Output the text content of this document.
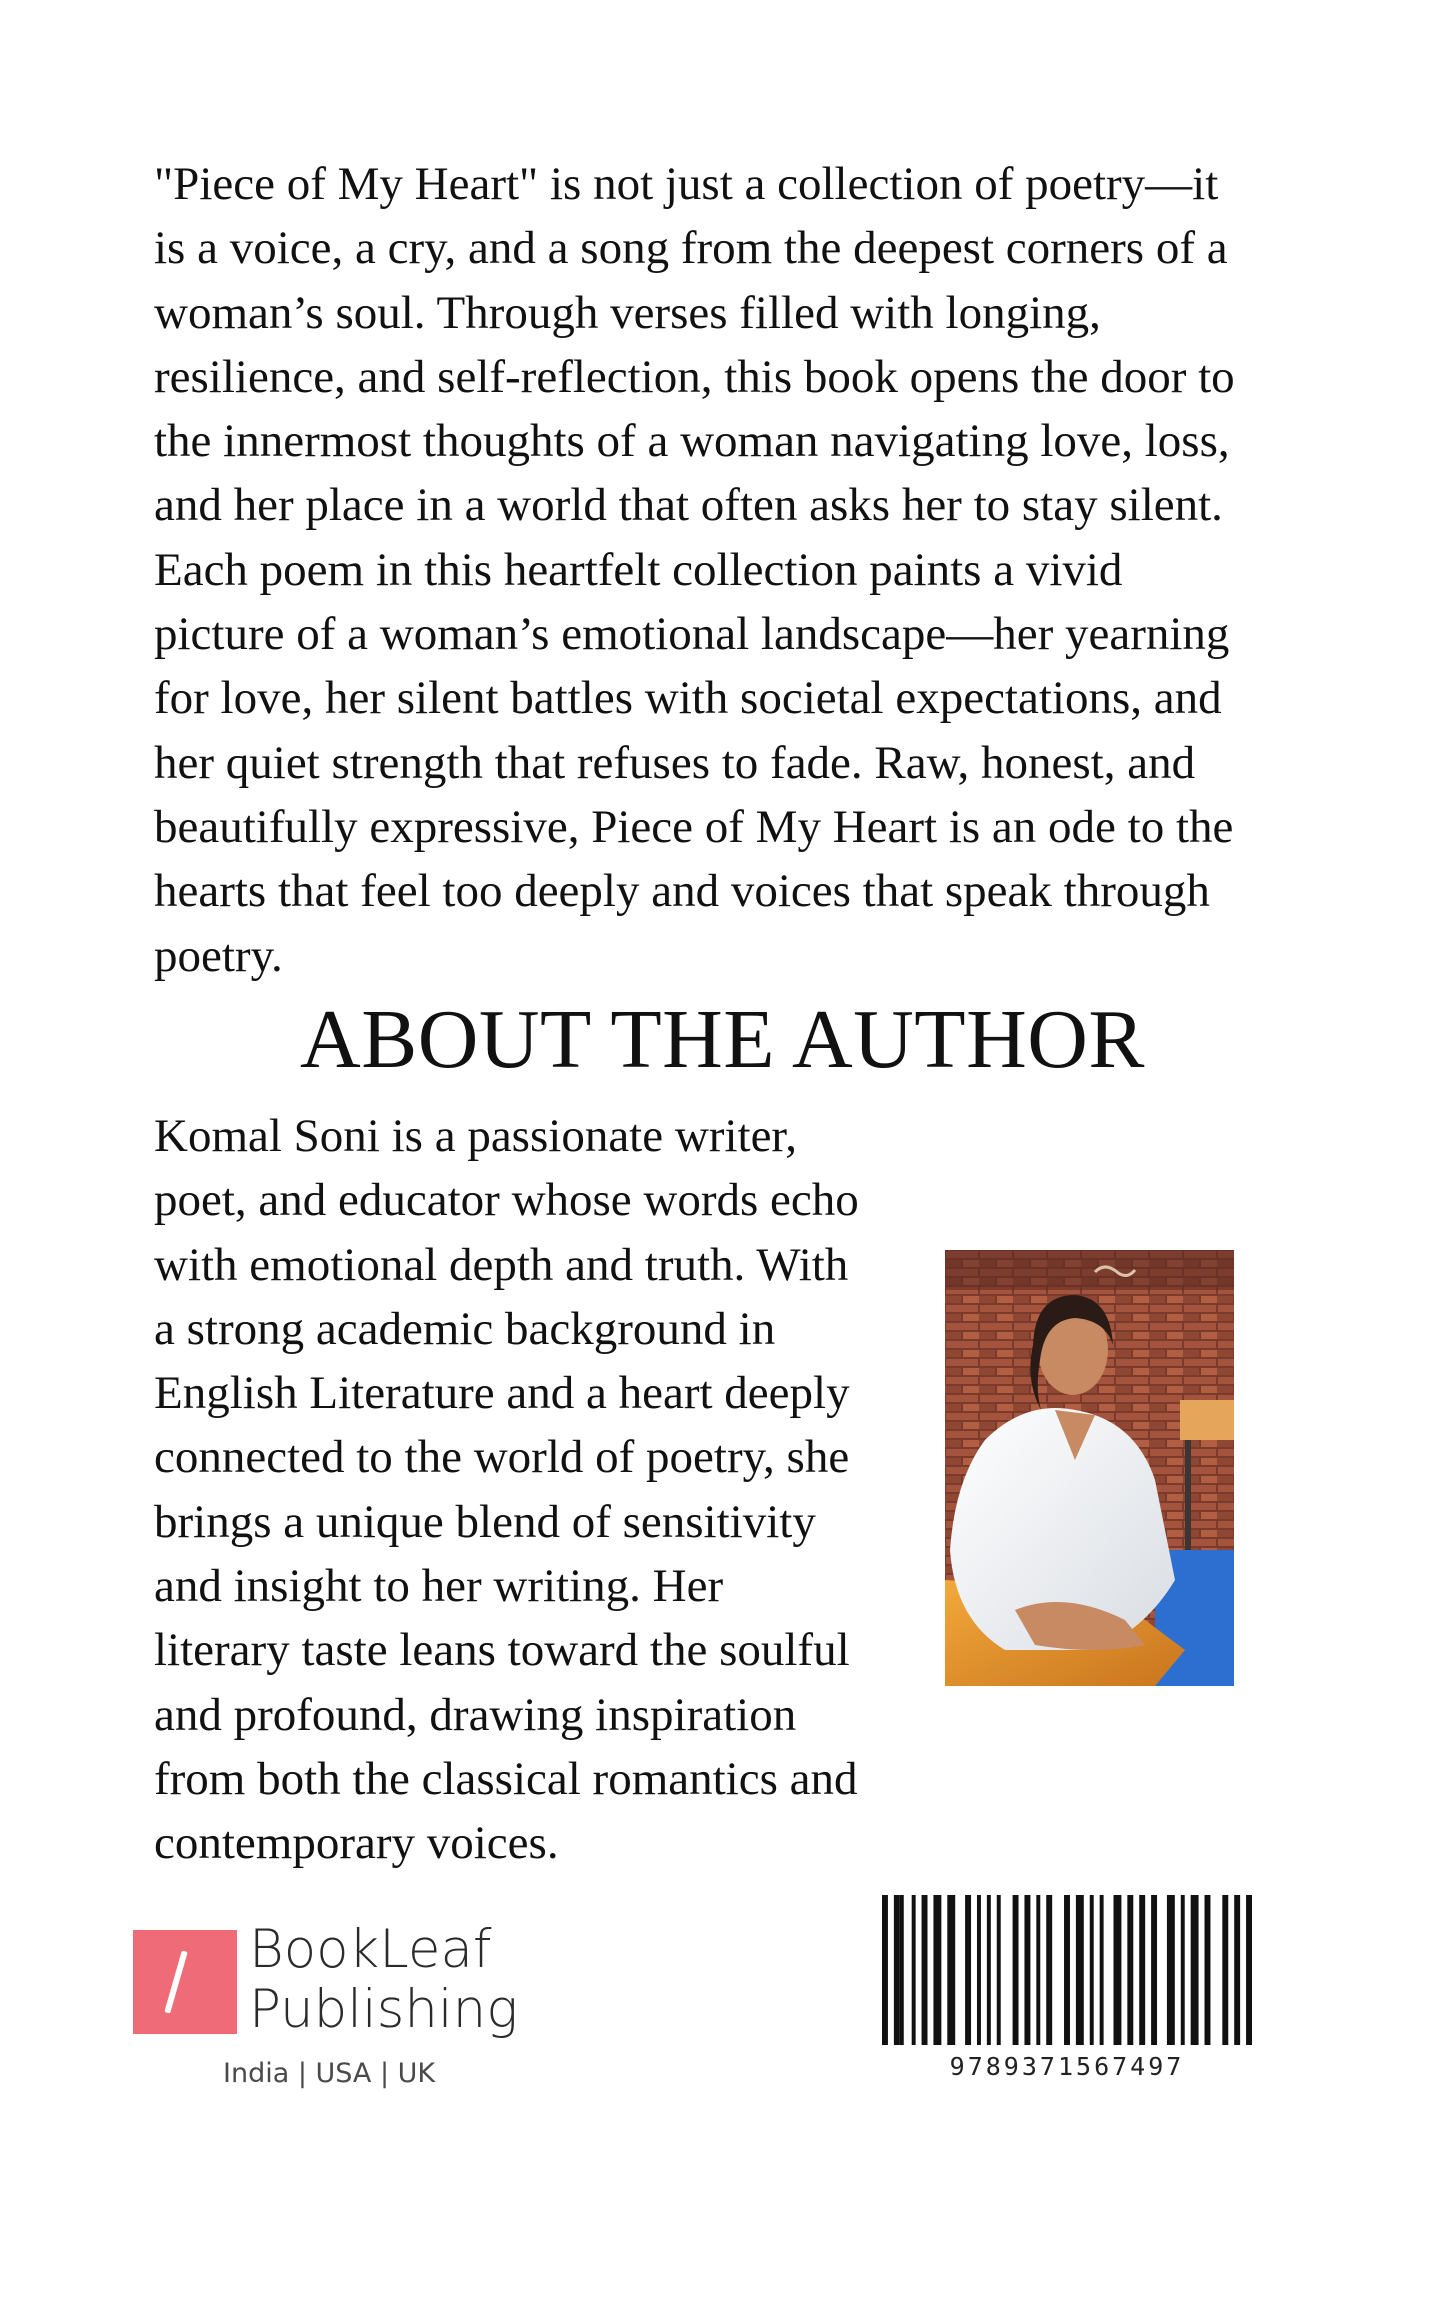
"Piece of My Heart" is not just a collection of poetry—it
is a voice, a cry, and a song from the deepest corners of a
woman’s soul. Through verses filled with longing,
resilience, and self-reflection, this book opens the door to
the innermost thoughts of a woman navigating love, loss,
and her place in a world that often asks her to stay silent.
Each poem in this heartfelt collection paints a vivid
picture of a woman’s emotional landscape—her yearning
for love, her silent battles with societal expectations, and
her quiet strength that refuses to fade. Raw, honest, and
beautifully expressive, Piece of My Heart is an ode to the
hearts that feel too deeply and voices that speak through
poetry.

ABOUT THE AUTHOR

Komal Soni is a passionate writer,
poet, and educator whose words echo
with emotional depth and truth. With
a strong academic background in
English Literature and a heart deeply
connected to the world of poetry, she
brings a unique blend of sensitivity
and insight to her writing. Her
literary taste leans toward the soulful
and profound, drawing inspiration
from both the classical romantics and
contemporary voices.

BookLeaf
Publishing
India | USA | UK	9789371567497
